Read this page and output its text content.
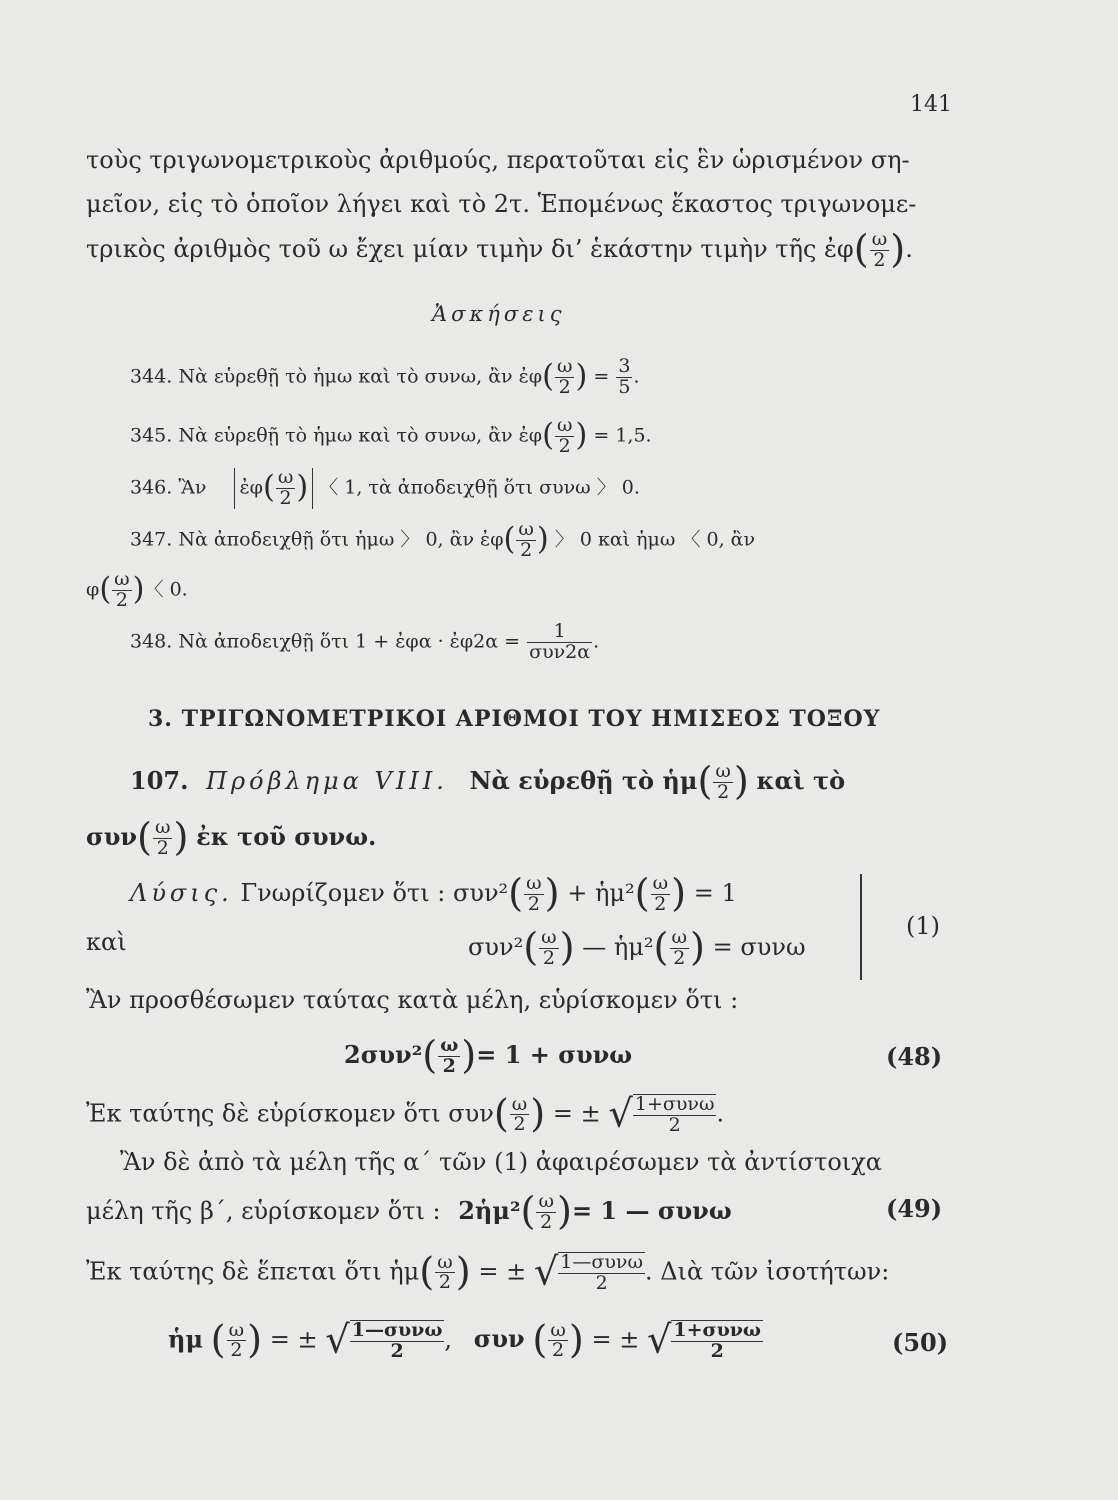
141
τοὺς τριγωνομετρικοὺς ἀριθμούς, περατοῦται εἰς ἓν ὡρισμένον ση-
μεῖον, εἰς τὸ ὁποῖον λήγει καὶ τὸ 2τ. Ἑπομένως ἕκαστος τριγωνομε-
τρικὸς ἀριθμὸς τοῦ ω ἔχει μίαν τιμὴν δι’ ἑκάστην τιμὴν τῆς ἐφ( $\frac{\omega}{2}$ ).
Ἀσκήσεις
344. Νὰ εὑρεθῇ τὸ ἡμω καὶ τὸ συνω, ἂν ἐφ( $\frac{\omega}{2}$ ) = $\frac{3}{5}$ .
345. Νὰ εὑρεθῇ τὸ ἡμω καὶ τὸ συνω, ἂν ἐφ( $\frac{\omega}{2}$ ) = 1,5.
346. Ἂν ἐφ( $\frac{\omega}{2}$ ) 〈 1, τὰ ἀποδειχθῇ ὅτι συνω 〉 0.
347. Νὰ ἀποδειχθῇ ὅτι ἡμω 〉 0, ἂν ἐφ( $\frac{\omega}{2}$ ) 〉 0 καὶ ἡμω 〈 0, ἂν
$\varphi( \frac{\omega}{2}$ )〈 0.
348. Νὰ ἀποδειχθῇ ὅτι 1 + ἐφα · ἐφ2α = $\frac{1}{\text{συν2α}}$ .
3. ΤΡΙΓΩΝΟΜΕΤΡΙΚΟΙ ΑΡΙΘΜΟΙ ΤΟΥ ΗΜΙΣΕΟΣ ΤΟΞΟΥ
107. Πρόβλημα VIII. Νὰ εὑρεθῇ τὸ ἡμ( $\frac{\omega}{2}$ ) καὶ τὸ
$\sigma\upsilon\nu( \frac{\omega}{2}$ ) ἐκ τοῦ συνω.
Λύσις. Γνωρίζομεν ὅτι : $\sigma\upsilon\nu^2( \frac{\omega}{2}$ ) + ἡμ²( $\frac{\omega}{2}$ ) = 1
καὶ	$\sigma\upsilon\nu^2( \frac{\omega}{2}$ ) — ἡμ²( $\frac{\omega}{2}$ ) = συνω
(1)
Ἂν προσθέσωμεν ταύτας κατὰ μέλη, εὑρίσκομεν ὅτι :
$2\sigma\upsilon\nu^2( \frac{\omega}{2}$ )= 1 + συνω	(48)
Ἐκ ταύτης δὲ εὑρίσκομεν ὅτι $\sigma\upsilon\nu( \frac{\omega}{2}$ ) = ± √ $\frac{\text{1+συνω}}{2}$ .
Ἂν δὲ ἀπὸ τὰ μέλη τῆς α΄ τῶν (1) ἀφαιρέσωμεν τὰ ἀντίστοιχα
μέλη τῆς β΄, εὑρίσκομεν ὅτι : 2ἡμ²( $\frac{\omega}{2}$ )= 1 — συνω	(49)
Ἐκ ταύτης δὲ ἕπεται ὅτι ἡμ( $\frac{\omega}{2}$ ) = ± √ $\frac{\text{1—συνω}}{2}$ . Διὰ τῶν ἰσοτήτων:
ἡμ ( $\frac{\omega}{2}$ ) = ± √ $\frac{\text{1—συνω}}{2}$ , συν ( $\frac{\omega}{2}$ ) = ± √ $\frac{\text{1+συνω}}{2}$	(50)
